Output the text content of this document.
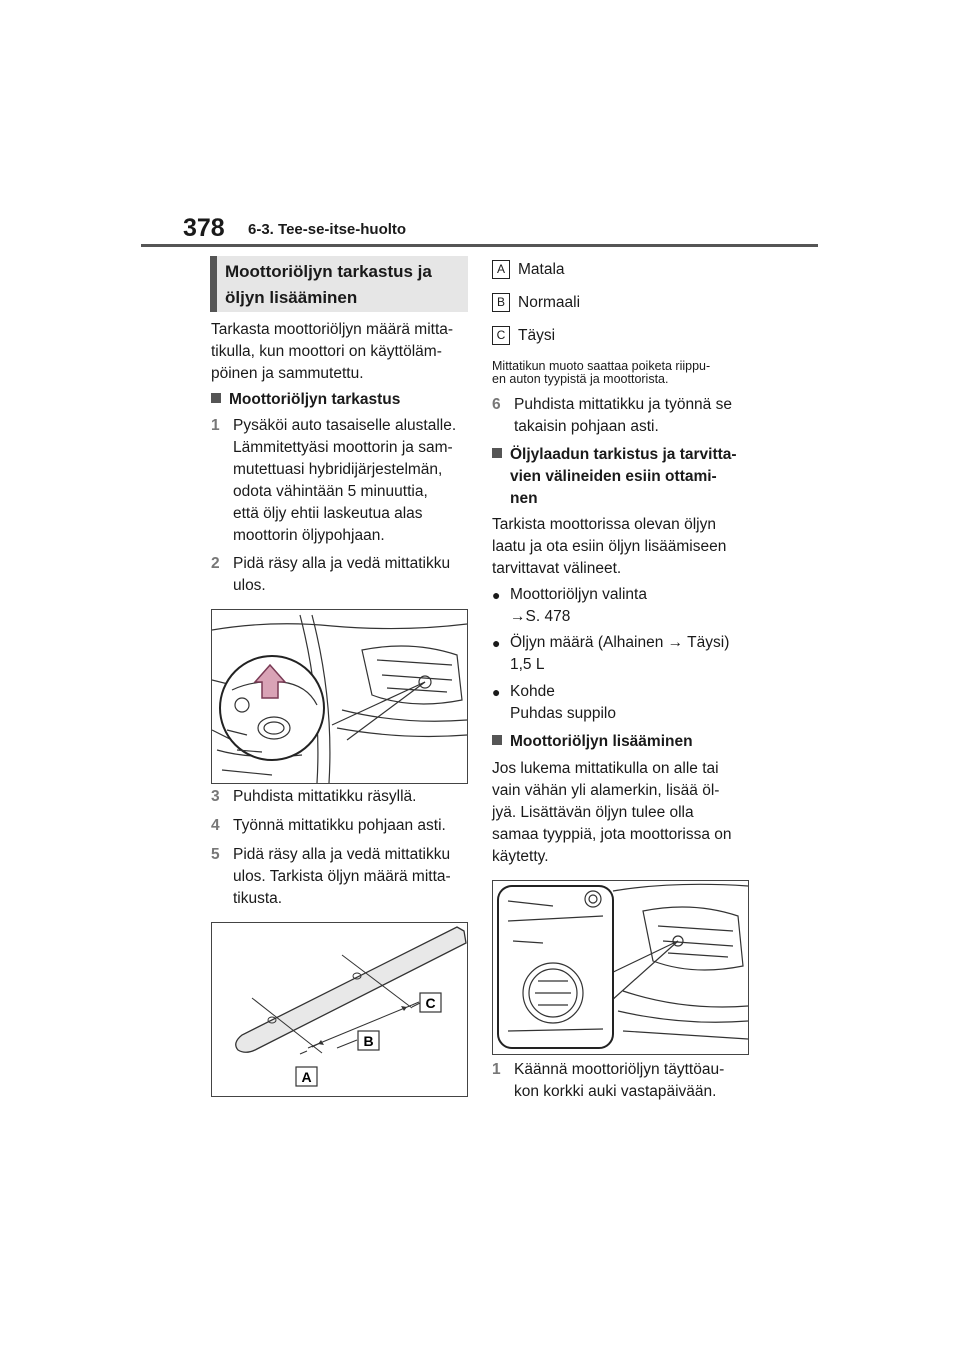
378 6-3. Tee-se-itse-huolto
Moottoriöljyn tarkastus ja
öljyn lisääminen
Tarkasta moottoriöljyn määrä mitta-
tikulla, kun moottori on käyttöläm-
pöinen ja sammutettu.
Moottoriöljyn tarkastus
1 Pysäköi auto tasaiselle alustalle.
Lämmitettyäsi moottorin ja sam-
mutettuasi hybridijärjestelmän,
odota vähintään 5 minuuttia,
että öljy ehtii laskeutua alas
moottorin öljypohjaan.
2 Pidä räsy alla ja vedä mittatikku
ulos.
3 Puhdista mittatikku räsyllä.
4 Työnnä mittatikku pohjaan asti.
5 Pidä räsy alla ja vedä mittatikku
ulos. Tarkista öljyn määrä mitta-
tikusta.
C
B
A
A Matala
B Normaali
C Täysi
Mittatikun muoto saattaa poiketa riippu-
en auton tyypistä ja moottorista.
6 Puhdista mittatikku ja työnnä se
takaisin pohjaan asti.
Öljylaadun tarkistus ja tarvitta-
vien välineiden esiin ottami-
nen
Tarkista moottorissa olevan öljyn
laatu ja ota esiin öljyn lisäämiseen
tarvittavat välineet.
● Moottoriöljyn valinta
→S. 478
● Öljyn määrä (Alhainen → Täysi)
1,5 L
● Kohde
Puhdas suppilo
Moottoriöljyn lisääminen
Jos lukema mittatikulla on alle tai
vain vähän yli alamerkin, lisää öl-
jyä. Lisättävän öljyn tulee olla
samaa tyyppiä, jota moottorissa on
käytetty.
1 Käännä moottoriöljyn täyttöau-
kon korkki auki vastapäivään.
